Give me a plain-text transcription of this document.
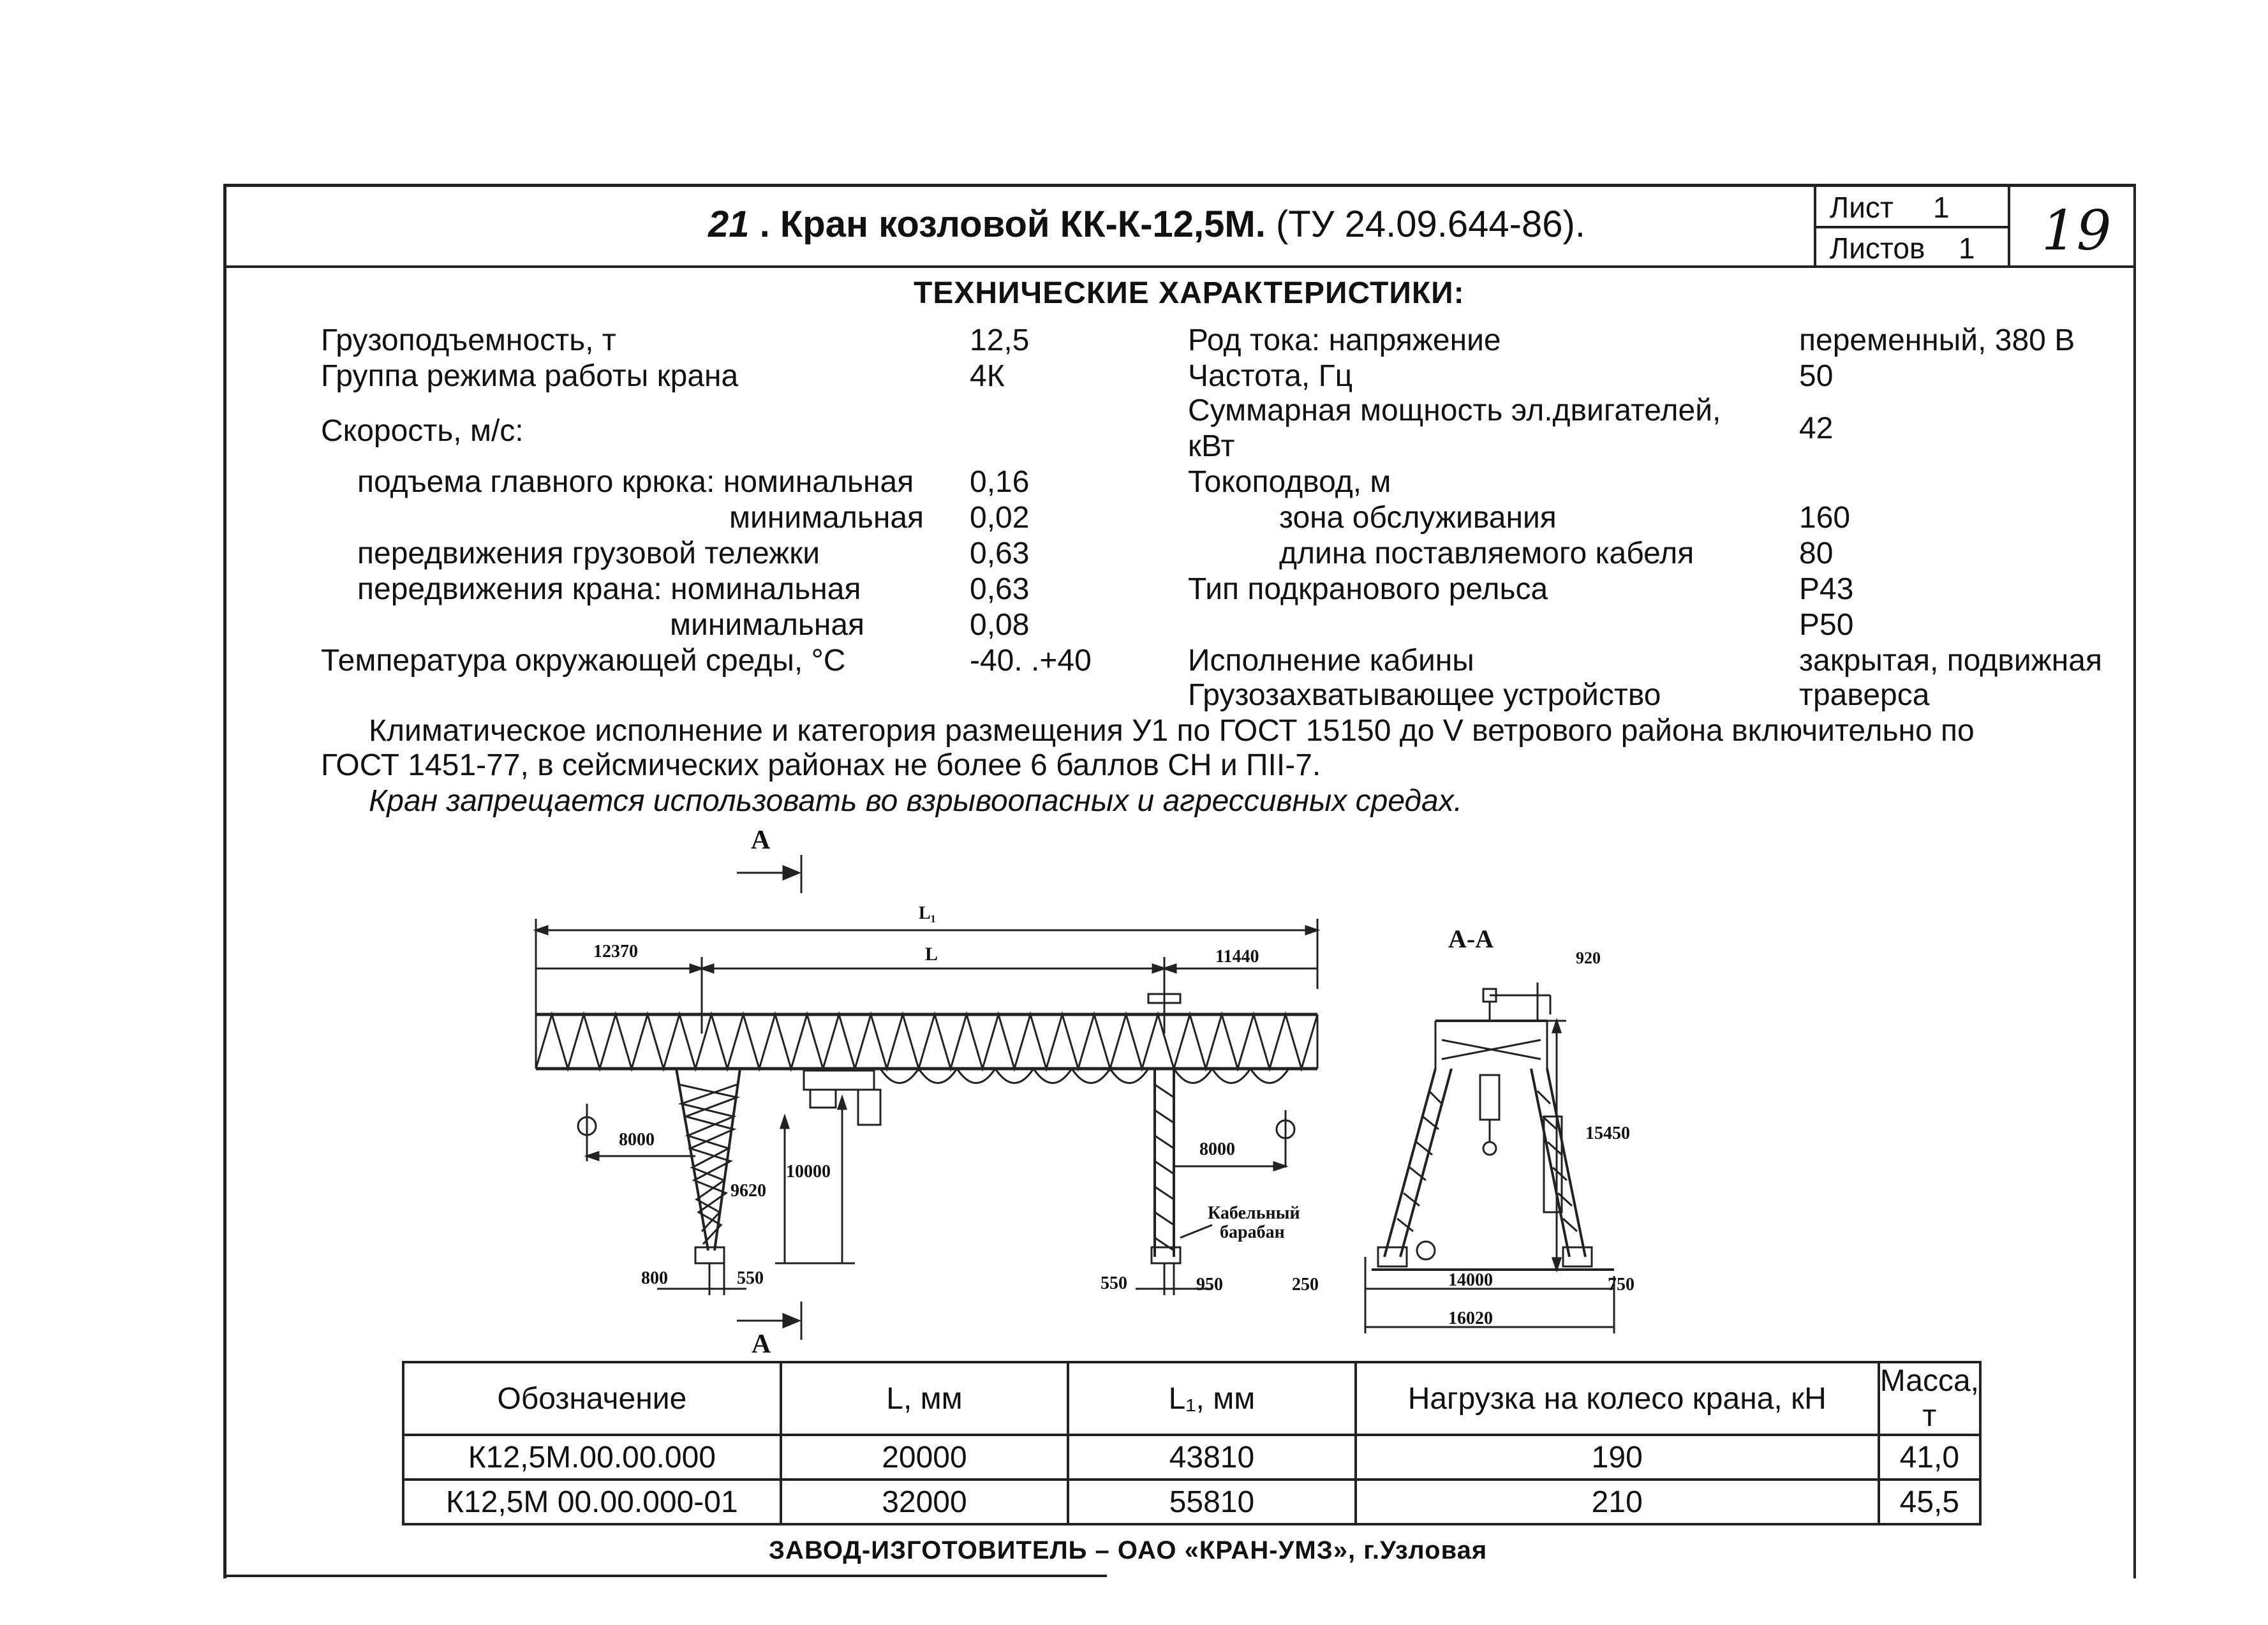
21 . Кран козловой КК-К-12,5М. (ТУ 24.09.644-86).	Лист 1
Листов 1 19
ТЕХНИЧЕСКИЕ ХАРАКТЕРИСТИКИ:
Грузоподъемность, т	12,5
Группа режима работы крана	4К
Скорость, м/с:
подъема главного крюка: номинальная 0,16
минимальная 0,02
передвижения грузовой тележки	0,63
передвижения крана: номинальная	0,63
минимальная	0,08
Температура окружающей среды, °С	-40. .+40
Род тока: напряжение	переменный, 380 В
Частота, Гц	50
Суммарная мощность эл.двигателей,
кВт
42
Токоподвод, м
зона обслуживания	160
длина поставляемого кабеля	80
Тип подкранового рельса	Р43
Р50
Исполнение кабины	закрытая, подвижная
Грузозахватывающее устройство	траверса
Климатическое исполнение и категория размещения У1 по ГОСТ 15150 до V ветрового района включительно по
ГОСТ 1451-77, в сейсмических районах не более 6 баллов СН и ПII-7.
Кран запрещается использовать во взрывоопасных и агрессивных средах.
А
А
L₁
L
12370	11440
8000	8000
9620
10000
800	550	550	950
Кабельный
барабан
А-А
920
15450
250	14000	750
16020
Обозначение	L, мм	L₁, мм	Нагрузка на колесо крана, кН	Масса, т
К12,5М.00.00.000	20000	43810	190	41,0
К12,5М 00.00.000-01	32000	55810	210	45,5
ЗАВОД-ИЗГОТОВИТЕЛЬ – ОАО «КРАН-УМЗ», г.Узловая
